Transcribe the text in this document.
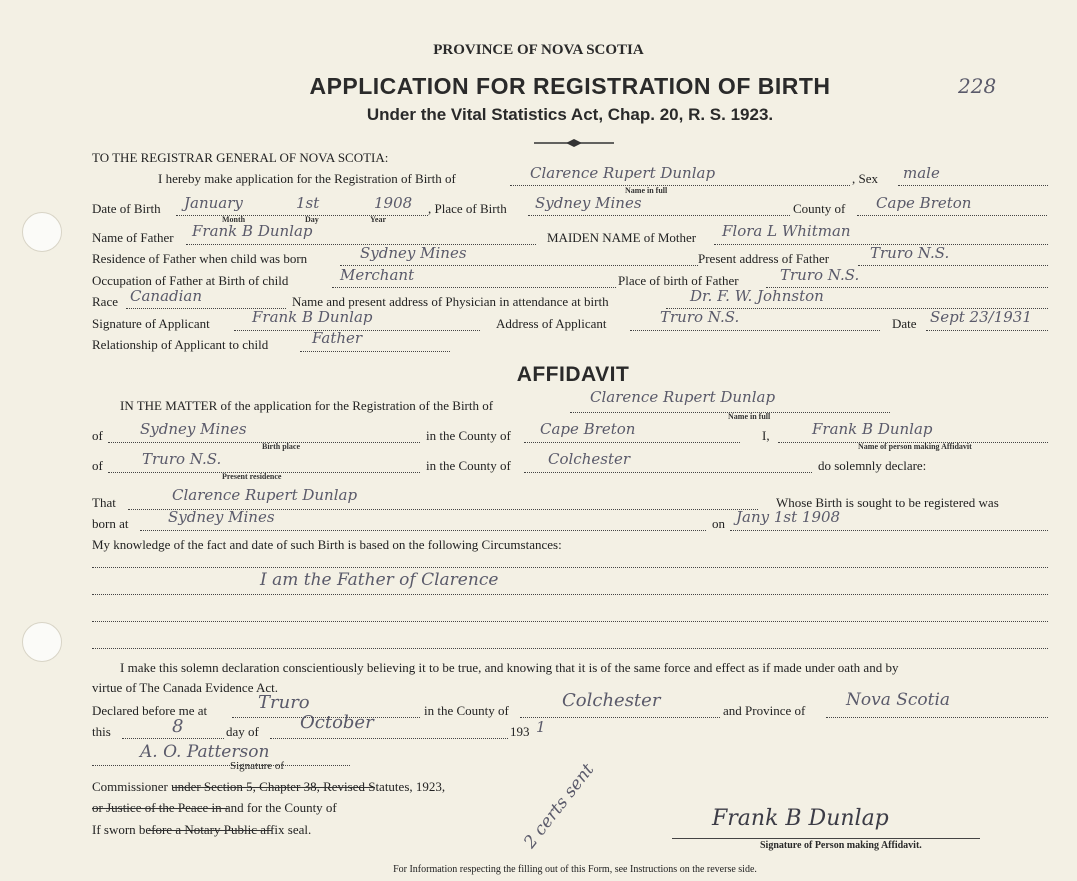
PROVINCE OF NOVA SCOTIA
APPLICATION FOR REGISTRATION OF BIRTH
Under the Vital Statistics Act, Chap. 20, R. S. 1923.
228
TO THE REGISTRAR GENERAL OF NOVA SCOTIA:
I hereby make application for the Registration of Birth of	Clarence Rupert Dunlap
Name in full
, Sex male
Date of Birth January	1st	1908
Month	Day	Year
, Place of Birth Sydney Mines	County of Cape Breton
Name of Father Frank B Dunlap	MAIDEN NAME of Mother Flora L Whitman
Residence of Father when child was born	Sydney Mines	Present address of Father	Truro N.S.
Occupation of Father at Birth of child	Merchant	Place of birth of Father	Truro N.S.
Race Canadian	Name and present address of Physician in attendance at birth	Dr. F. W. Johnston
Signature of Applicant	Frank B Dunlap	Address of Applicant	Truro N.S.	Date Sept 23/1931
Relationship of Applicant to child	Father
AFFIDAVIT
IN THE MATTER of the application for the Registration of the Birth of	Clarence Rupert Dunlap
Name in full
of Sydney Mines
Birth place
in the County of Cape Breton	I,	Frank B Dunlap
Name of person making Affidavit
of	Truro N.S.
Present residence
in the County of Colchester	do solemnly declare:
That	Clarence Rupert Dunlap	Whose Birth is sought to be registered was
born at	Sydney Mines	on Jany 1st 1908
My knowledge of the fact and date of such Birth is based on the following Circumstances:
I am the Father of Clarence
I make this solemn declaration conscientiously believing it to be true, and knowing that it is of the same force and effect as if made under oath and by
virtue of The Canada Evidence Act.
Declared before me at	Truro	in the County of	Colchester	and Province of
Nova Scotia
this	8	day of October	193 1
A. O. Patterson
Signature of
Commissioner under Section 5, Chapter 38, Revised Statutes, 1923,
or Justice of the Peace in and for the County of
If sworn before a Notary Public affix seal.	2 certs sent	Frank B Dunlap
Signature of Person making Affidavit.
For Information respecting the filling out of this Form, see Instructions on the reverse side.
